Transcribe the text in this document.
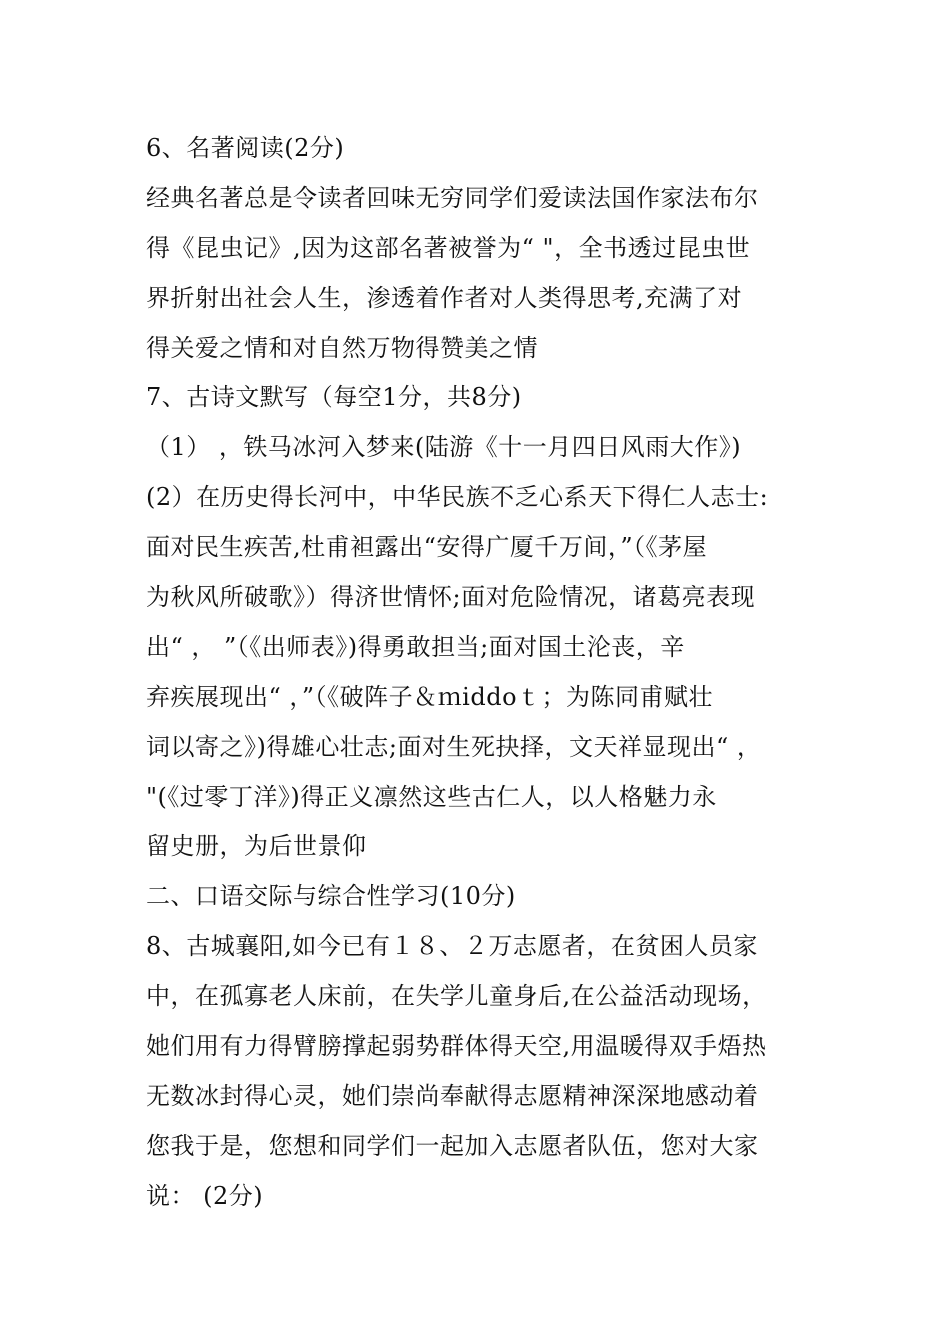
6、名著阅读(2分)
经典名著总是令读者回味无穷同学们爱读法国作家法布尔
得《昆虫记》,因为这部名著被誉为“ "，全书透过昆虫世
界折射出社会人生，渗透着作者对人类得思考,充满了对
得关爱之情和对自然万物得赞美之情
7、古诗文默写（每空1分，共8分)
（1） ，铁马冰河入梦来(陆游《十一月四日风雨大作》)
(2）在历史得长河中，中华民族不乏心系天下得仁人志士:
面对民生疾苦,杜甫袒露出“安得广厦千万间，”（《茅屋
为秋风所破歌》）得济世情怀;面对危险情况，诸葛亮表现
出“ ， ”（《出师表》)得勇敢担当;面对国土沦丧，辛
弃疾展现出“ ，”（《破阵子＆ｍiddoｔ；为陈同甫赋壮
词以寄之》)得雄心壮志;面对生死抉择，文天祥显现出“ ，
"(《过零丁洋》)得正义凛然这些古仁人，以人格魅力永
留史册，为后世景仰
二、口语交际与综合性学习(10分)
8、古城襄阳,如今已有１８、２万志愿者，在贫困人员家
中，在孤寡老人床前，在失学儿童身后,在公益活动现场，
她们用有力得臂膀撑起弱势群体得天空,用温暖得双手焐热
无数冰封得心灵，她们崇尚奉献得志愿精神深深地感动着
您我于是，您想和同学们一起加入志愿者队伍，您对大家
说： (2分)
